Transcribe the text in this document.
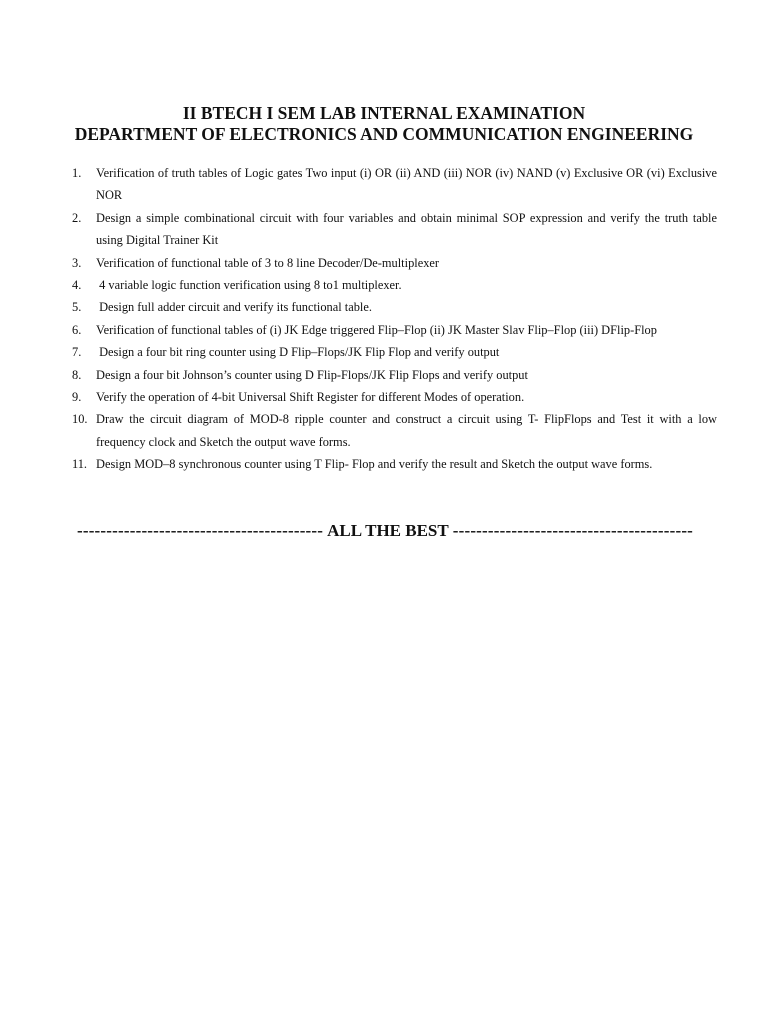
II BTECH I SEM LAB INTERNAL EXAMINATION
DEPARTMENT OF ELECTRONICS AND COMMUNICATION ENGINEERING
1.	Verification of truth tables of Logic gates Two input (i) OR (ii) AND (iii) NOR (iv) NAND (v) Exclusive OR (vi) Exclusive NOR
2.	Design a simple combinational circuit with four variables and obtain minimal SOP expression and verify the truth table using Digital Trainer Kit
3.	Verification of functional table of 3 to 8 line Decoder/De-multiplexer
4.	4 variable logic function verification using 8 to1 multiplexer.
5.	Design full adder circuit and verify its functional table.
6.	Verification of functional tables of (i) JK Edge triggered Flip–Flop (ii) JK Master Slav Flip–Flop (iii) DFlip-Flop
7.	Design a four bit ring counter using D Flip–Flops/JK Flip Flop and verify output
8.	Design a four bit Johnson’s counter using D Flip-Flops/JK Flip Flops and verify output
9.	Verify the operation of 4-bit Universal Shift Register for different Modes of operation.
10. Draw the circuit diagram of MOD-8 ripple counter and construct a circuit using T- FlipFlops and Test it with a low frequency clock and Sketch the output wave forms.
11. Design MOD–8 synchronous counter using T Flip- Flop and verify the result and Sketch the output wave forms.
------------------------------------------ ALL THE BEST -----------------------------------------
